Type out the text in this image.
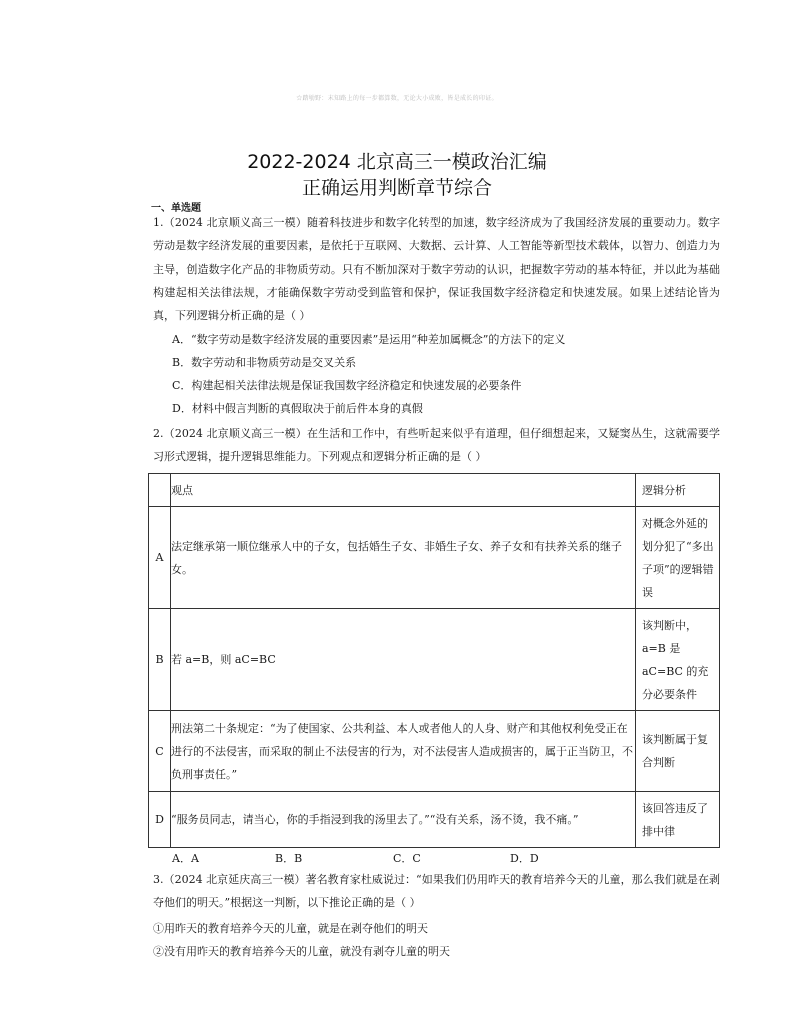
☆踏劬野：末知路上的每一步都算数，无论大小成败，皆是成长的印证。
2022-2024 北京高三一模政治汇编
正确运用判断章节综合
一、单选题
1.（2024 北京顺义高三一模）随着科技进步和数字化转型的加速，数字经济成为了我国经济发展的重要动力。数字劳动是数字经济发展的重要因素，是依托于互联网、大数据、云计算、人工智能等新型技术载体，以智力、创造力为主导，创造数字化产品的非物质劳动。只有不断加深对于数字劳动的认识，把握数字劳动的基本特征，并以此为基础构建起相关法律法规，才能确保数字劳动受到监管和保护，保证我国数字经济稳定和快速发展。如果上述结论皆为真，下列逻辑分析正确的是（ ）
A．“数字劳动是数字经济发展的重要因素”是运用“种差加属概念”的方法下的定义
B．数字劳动和非物质劳动是交叉关系
C．构建起相关法律法规是保证我国数字经济稳定和快速发展的必要条件
D．材料中假言判断的真假取决于前后件本身的真假
2.（2024 北京顺义高三一模）在生活和工作中，有些听起来似乎有道理，但仔细想起来，又疑窦丛生，这就需要学习形式逻辑，提升逻辑思维能力。下列观点和逻辑分析正确的是（ ）
	观点	逻辑分析
A	法定继承第一顺位继承人中的子女，包括婚生子女、非婚生子女、养子女和有扶养关系的继子女。	对概念外延的划分犯了“多出子项”的逻辑错误
B	若 a=B，则 aC=BC	该判断中，a=B 是 aC=BC 的充分必要条件
C	刑法第二十条规定：“为了使国家、公共利益、本人或者他人的人身、财产和其他权利免受正在进行的不法侵害，而采取的制止不法侵害的行为，对不法侵害人造成损害的，属于正当防卫，不负刑事责任。”	该判断属于复合判断
D	“服务员同志，请当心，你的手指浸到我的汤里去了。”“没有关系，汤不烫，我不痛。”	该回答违反了排中律
A．A	B．B	C．C	D．D
3.（2024 北京延庆高三一模）著名教育家杜威说过：“如果我们仍用昨天的教育培养今天的儿童，那么我们就是在剥夺他们的明天。”根据这一判断，以下推论正确的是（ ）
①用昨天的教育培养今天的儿童，就是在剥夺他们的明天
②没有用昨天的教育培养今天的儿童，就没有剥夺儿童的明天
